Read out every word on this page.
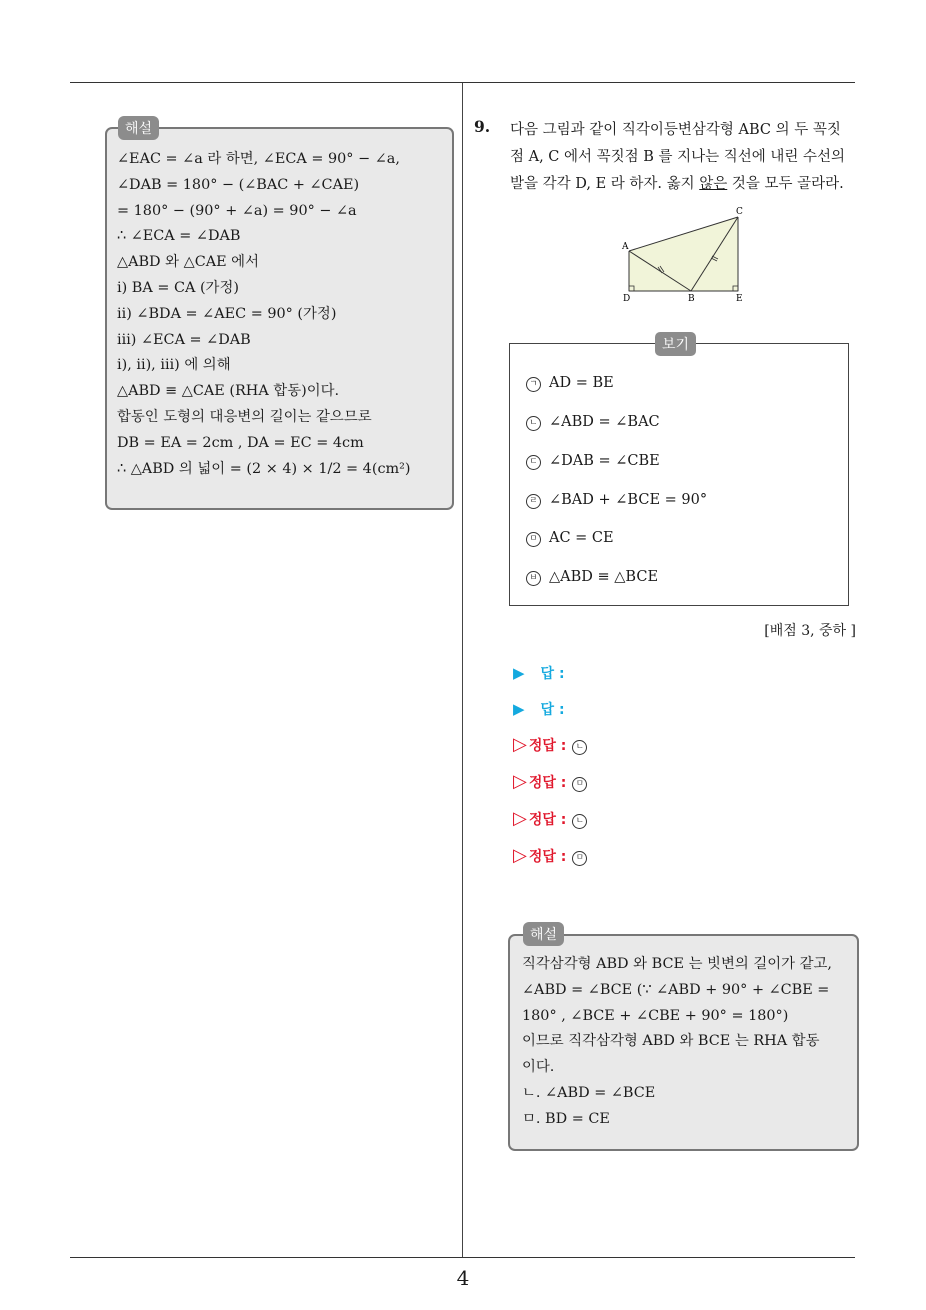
4
해설
∠EAC = ∠a 라 하면, ∠ECA = 90° − ∠a,
∠DAB = 180° − (∠BAC + ∠CAE)
= 180° − (90° + ∠a) = 90° − ∠a
∴ ∠ECA = ∠DAB
△ABD 와 △CAE 에서
ⅰ) BA = CA (가정)
ⅱ) ∠BDA = ∠AEC = 90° (가정)
ⅲ) ∠ECA = ∠DAB
ⅰ), ⅱ), ⅲ) 에 의해
△ABD ≡ △CAE (RHA 합동)이다.
합동인 도형의 대응변의 길이는 같으므로
DB = EA = 2cm , DA = EC = 4cm
∴ △ABD 의 넓이 = (2 × 4) × 1/2 = 4(cm²)
9. 다음 그림과 같이 직각이등변삼각형 ABC 의 두 꼭짓
점 A, C 에서 꼭짓점 B 를 지나는 직선에 내린 수선의
발을 각각 D, E 라 하자. 옳지 않은 것을 모두 골라라.
A
C
D	B	E
보기
ㄱ AD = BE
ㄴ ∠ABD = ∠BAC
ㄷ ∠DAB = ∠CBE
ㄹ ∠BAD + ∠BCE = 90°
ㅁ AC = CE
ㅂ △ABD ≡ △BCE
[배점 3, 중하 ]
▶ 답 :
▶ 답 :
▷ 정답 : ㄴ
▷ 정답 : ㅁ
▷ 정답 : ㄴ
▷ 정답 : ㅁ
해설
직각삼각형 ABD 와 BCE 는 빗변의 길이가 같고,
∠ABD = ∠BCE (∵ ∠ABD + 90° + ∠CBE =
180° , ∠BCE + ∠CBE + 90° = 180°)
이므로 직각삼각형 ABD 와 BCE 는 RHA 합동
이다.
ㄴ. ∠ABD = ∠BCE
ㅁ. BD = CE
